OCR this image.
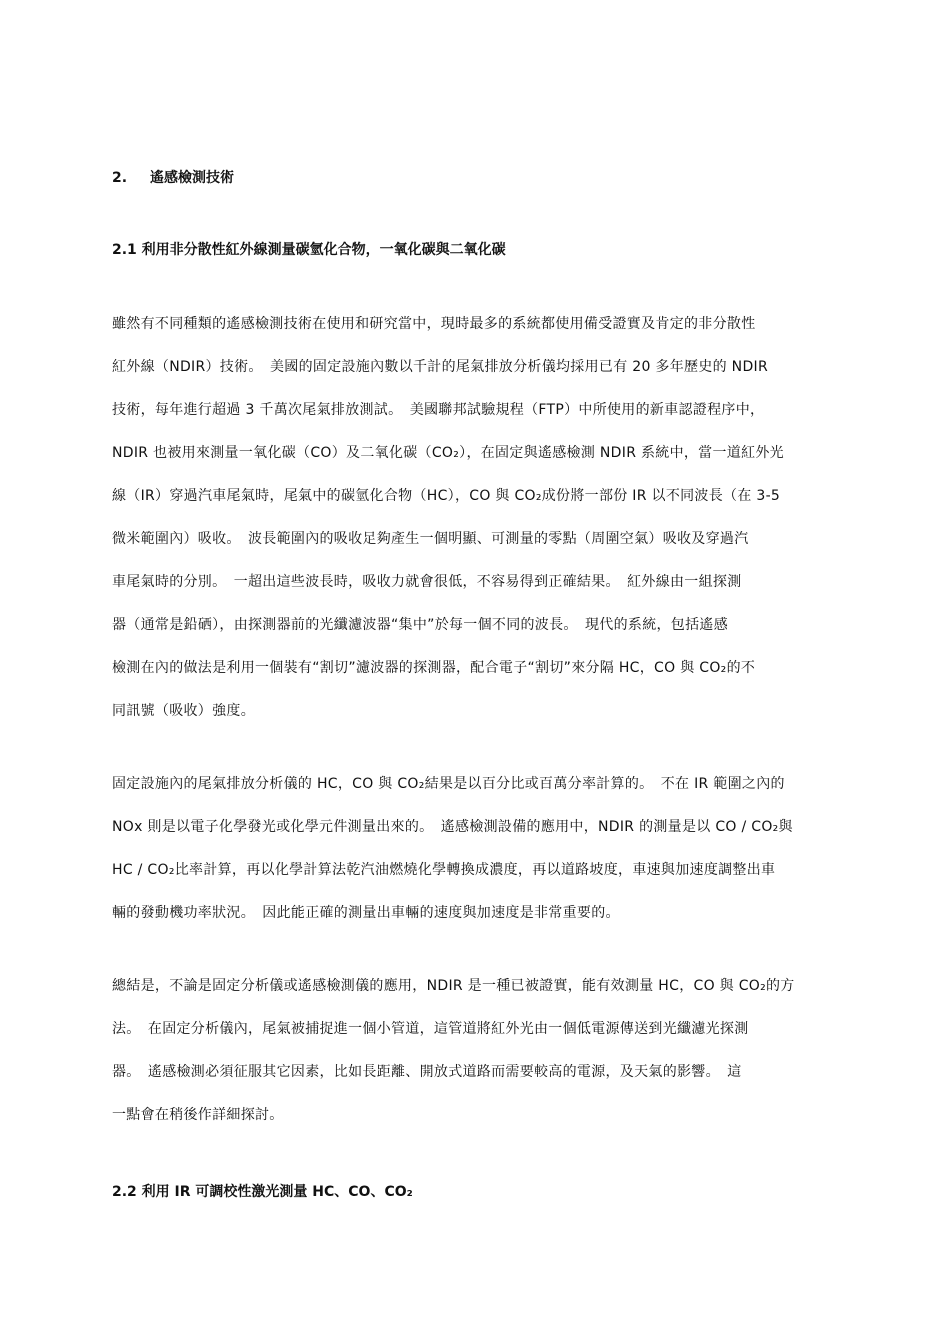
2. 遙感檢測技術
2.1 利用非分散性紅外線測量碳氫化合物，一氧化碳與二氧化碳
雖然有不同種類的遙感檢測技術在使用和研究當中，現時最多的系統都使用備受證實及肯定的非分散性
紅外線（NDIR）技術。　美國的固定設施內數以千計的尾氣排放分析儀均採用已有 20 多年歷史的 NDIR
技術，每年進行超過 3 千萬次尾氣排放測試。　美國聯邦試驗規程（FTP）中所使用的新車認證程序中，
NDIR 也被用來測量一氧化碳（CO）及二氧化碳（CO₂），在固定與遙感檢測 NDIR 系統中，當一道紅外光
線（IR）穿過汽車尾氣時，尾氣中的碳氫化合物（HC），CO 與 CO₂成份將一部份 IR 以不同波長（在 3-5
微米範圍內）吸收。　波長範圍內的吸收足夠產生一個明顯、可測量的零點（周圍空氣）吸收及穿過汽
車尾氣時的分別。　一超出這些波長時，吸收力就會很低，不容易得到正確結果。　紅外線由一組探測
器（通常是鉛硒），由探測器前的光纖濾波器“集中”於每一個不同的波長。　現代的系統，包括遙感
檢測在內的做法是利用一個裝有“割切”濾波器的探測器，配合電子“割切”來分隔 HC，CO 與 CO₂的不
同訊號（吸收）強度。
固定設施內的尾氣排放分析儀的 HC，CO 與 CO₂結果是以百分比或百萬分率計算的。　不在 IR 範圍之內的
NOx 則是以電子化學發光或化學元件測量出來的。　遙感檢測設備的應用中，NDIR 的測量是以 CO / CO₂與
HC / CO₂比率計算，再以化學計算法乾汽油燃燒化學轉換成濃度，再以道路坡度，車速與加速度調整出車
輛的發動機功率狀況。　因此能正確的測量出車輛的速度與加速度是非常重要的。
總結是，不論是固定分析儀或遙感檢測儀的應用，NDIR 是一種已被證實，能有效測量 HC，CO 與 CO₂的方
法。　在固定分析儀內，尾氣被捕捉進一個小管道，這管道將紅外光由一個低電源傳送到光纖濾光探測
器。　遙感檢測必須征服其它因素，比如長距離、開放式道路而需要較高的電源，及天氣的影響。　這
一點會在稍後作詳細探討。
2.2 利用 IR 可調校性激光測量 HC、CO、CO₂
